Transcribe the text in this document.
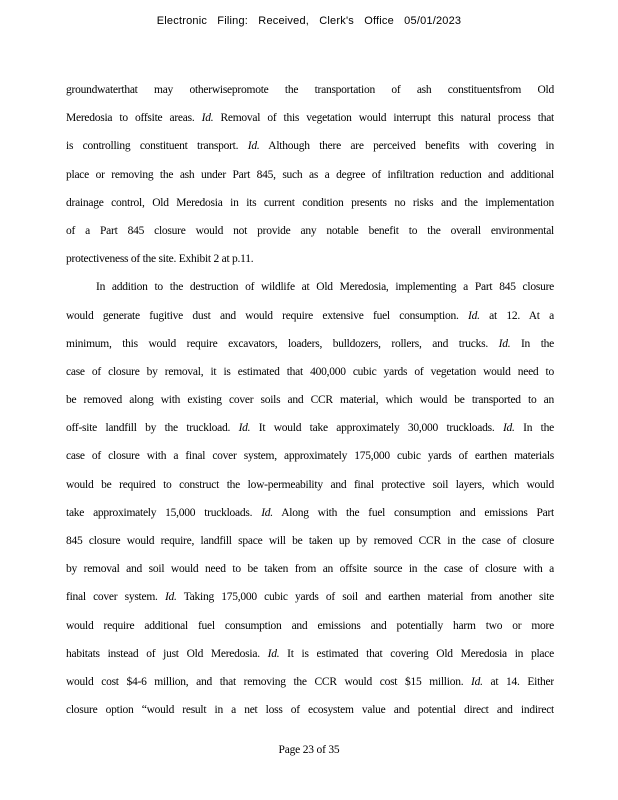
Electronic Filing: Received, Clerk's Office 05/01/2023
groundwaterthat may otherwisepromote the transportation of ash constituentsfrom Old
Meredosia to offsite areas. Id. Removal of this vegetation would interrupt this natural process that
is controlling constituent transport. Id. Although there are perceived benefits with covering in
place or removing the ash under Part 845, such as a degree of infiltration reduction and additional
drainage control, Old Meredosia in its current condition presents no risks and the implementation
of a Part 845 closure would not provide any notable benefit to the overall environmental
protectiveness of the site. Exhibit 2 at p.11.
In addition to the destruction of wildlife at Old Meredosia, implementing a Part 845 closure
would generate fugitive dust and would require extensive fuel consumption. Id. at 12. At a
minimum, this would require excavators, loaders, bulldozers, rollers, and trucks. Id. In the
case of closure by removal, it is estimated that 400,000 cubic yards of vegetation would need to
be removed along with existing cover soils and CCR material, which would be transported to an
off-site landfill by the truckload. Id. It would take approximately 30,000 truckloads. Id. In the
case of closure with a final cover system, approximately 175,000 cubic yards of earthen materials
would be required to construct the low-permeability and final protective soil layers, which would
take approximately 15,000 truckloads. Id. Along with the fuel consumption and emissions Part
845 closure would require, landfill space will be taken up by removed CCR in the case of closure
by removal and soil would need to be taken from an offsite source in the case of closure with a
final cover system. Id. Taking 175,000 cubic yards of soil and earthen material from another site
would require additional fuel consumption and emissions and potentially harm two or more
habitats instead of just Old Meredosia. Id. It is estimated that covering Old Meredosia in place
would cost $4-6 million, and that removing the CCR would cost $15 million. Id. at 14. Either
closure option “would result in a net loss of ecosystem value and potential direct and indirect
Page 23 of 35
